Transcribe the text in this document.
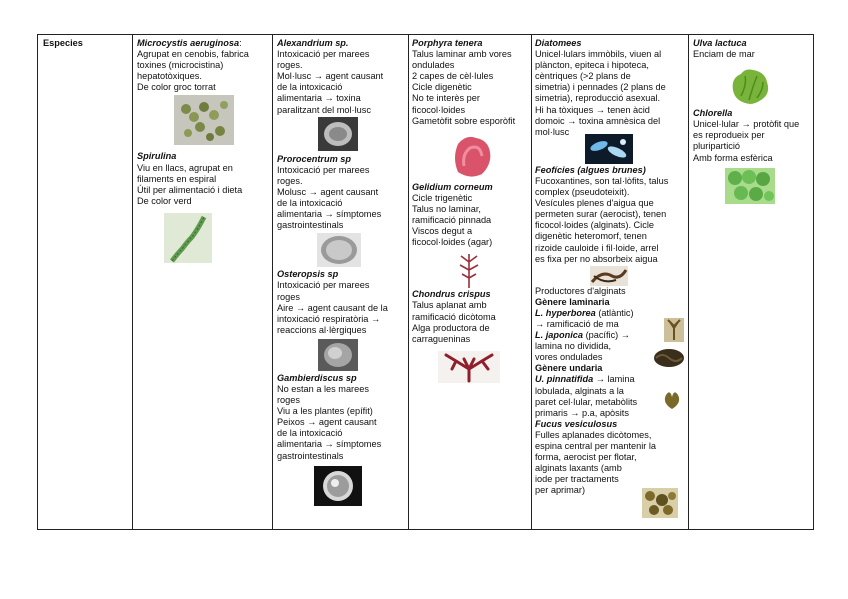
Especies	Microcystis aeruginosa:
Agrupat en cenobis, fabrica
toxines (microcistina)
hepatotòxiques.
De color groc torrat
Spirulina
Viu en llacs, agrupat en
filaments en espiral
Útil per alimentació i dieta
De color verd
Alexandrium sp.
Intoxicació per marees
roges.
Mol·lusc → agent causant
de la intoxicació
alimentaria → toxina
paralitzant del mol·lusc
Prorocentrum sp
Intoxicació per marees
roges.
Molusc → agent causant
de la intoxicació
alimentaria → símptomes
gastrointestinals
Osteropsis sp
Intoxicació per marees
roges
Aire → agent causant de la
intoxicació respiratòria →
reaccions al·lèrgiques
Gambierdiscus sp
No estan a les marees
roges
Viu a les plantes (epífit)
Peixos → agent causant
de la intoxicació
alimentaria → símptomes
gastrointestinals
Porphyra tenera
Talus laminar amb vores
ondulades
2 capes de cèl·lules
Cicle digenètic
No te interès per
ficocol·loides
Gametòfit sobre esporòfit
Gelidium corneum
Cicle trigenètic
Talus no laminar,
ramificació pinnada
Viscos degut a
ficocol·loides (agar)
Chondrus crispus
Talus aplanat amb
ramificació dicòtoma
Alga productora de
carragueninas
Diatomees
Unicel·lulars immòbils, viuen al
plàncton, epiteca i hipoteca,
cèntriques (>2 plans de
simetria) i pennades (2 plans de
simetria), reproducció asexual.
Hi ha tòxiques → tenen àcid
domoic → toxina amnèsica del
mol·lusc
Feofícies (algues brunes)
Fucoxantines, son tal·lòfits, talus
complex (pseudoteixit).
Vesícules plenes d'aigua que
permeten surar (aerocist), tenen
ficocol·loides (alginats). Cicle
digenètic heteromorf, tenen
rizoide cauloide i fil·loide, arrel
es fixa per no absorbeix aigua
Productores d'alginats
Gènere laminaria
L. hyperborea (atlàntic)
→ ramificació de ma
L. japonica (pacífic) →
lamina no dividida,
vores ondulades
Gènere undaria
U. pinnatifida → lamina
lobulada, alginats a la
paret cel·lular, metabòlits
primaris → p.a, apòsits
Fucus vesiculosus
Fulles aplanades dicòtomes,
espina central per mantenir la
forma, aerocist per flotar,
alginats laxants (amb
iode per tractaments
per aprimar)
Ulva lactuca
Enciam de mar
Chlorella
Unicel·lular → protòfit que
es reprodueix per
pluripartició
Amb forma esfèrica
